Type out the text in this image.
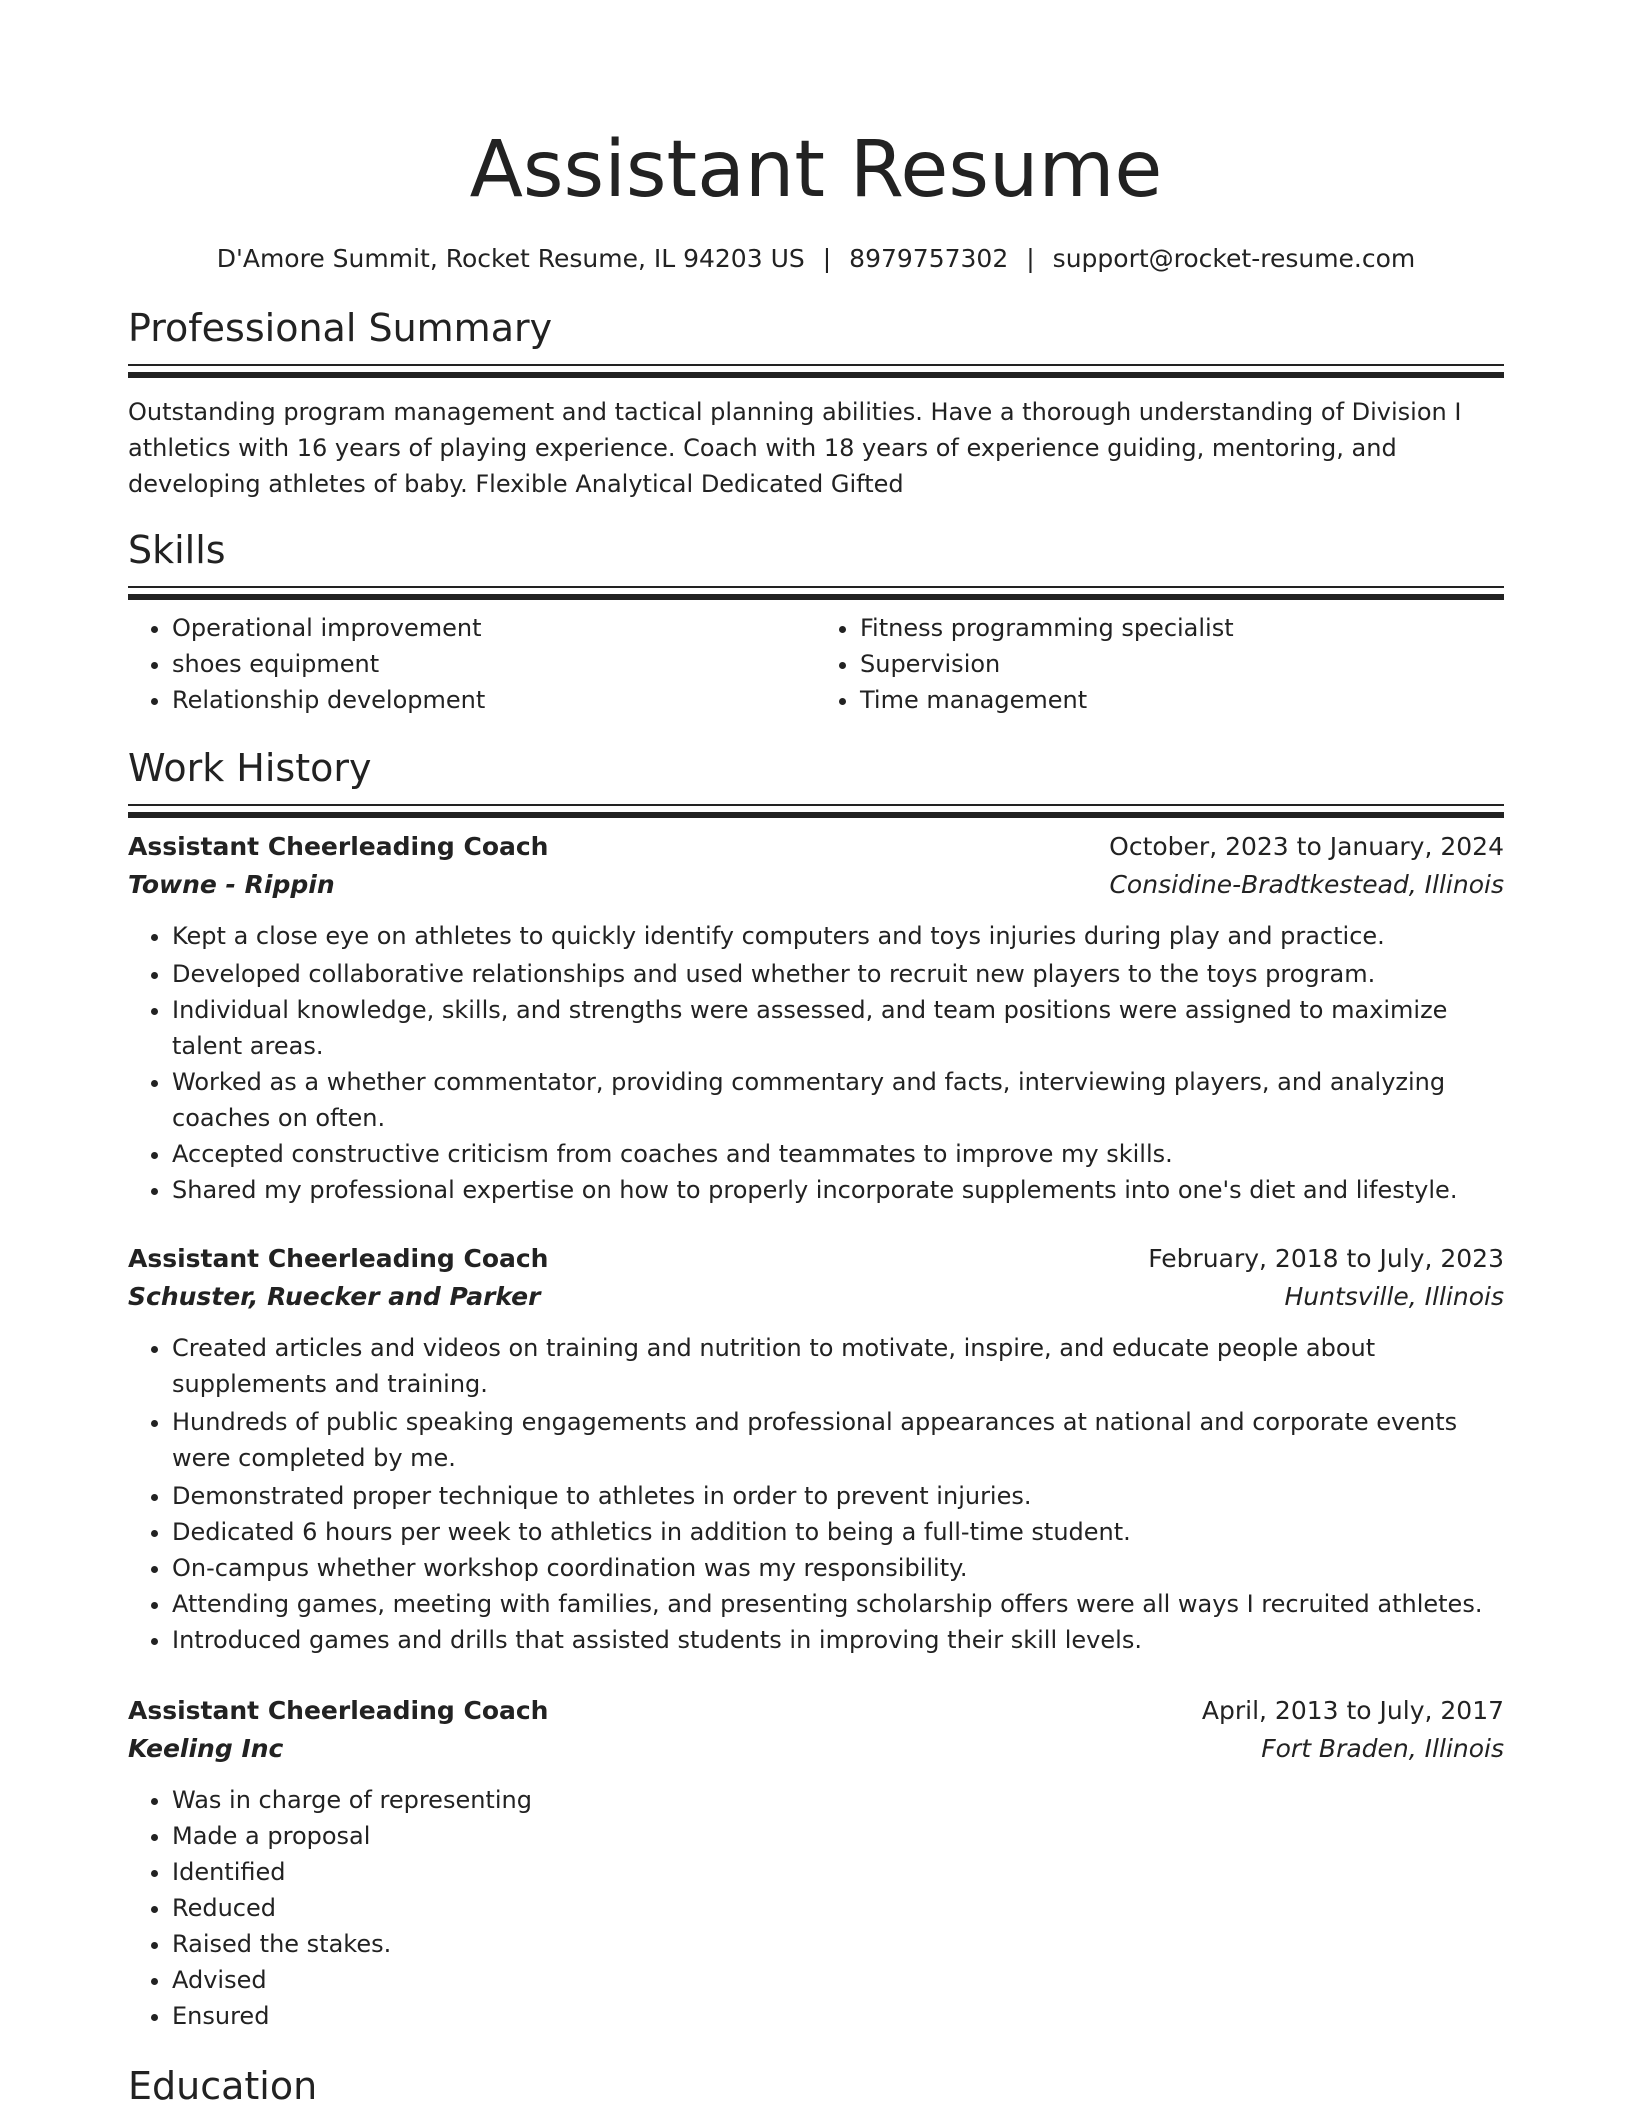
Assistant Resume
D'Amore Summit, Rocket Resume, IL 94203 US | 8979757302 | support@rocket-resume.com
Professional Summary
Outstanding program management and tactical planning abilities. Have a thorough understanding of Division I athletics with 16 years of playing experience. Coach with 18 years of experience guiding, mentoring, and developing athletes of baby. Flexible Analytical Dedicated Gifted
Skills
• Operational improvement
• shoes equipment
• Relationship development
• Fitness programming specialist
• Supervision
• Time management
Work History
Assistant Cheerleading Coach	October, 2023 to January, 2024
Towne - Rippin	Considine-Bradtkestead, Illinois
• Kept a close eye on athletes to quickly identify computers and toys injuries during play and practice.
• Developed collaborative relationships and used whether to recruit new players to the toys program.
• Individual knowledge, skills, and strengths were assessed, and team positions were assigned to maximize talent areas.
• Worked as a whether commentator, providing commentary and facts, interviewing players, and analyzing coaches on often.
• Accepted constructive criticism from coaches and teammates to improve my skills.
• Shared my professional expertise on how to properly incorporate supplements into one's diet and lifestyle.
Assistant Cheerleading Coach	February, 2018 to July, 2023
Schuster, Ruecker and Parker	Huntsville, Illinois
• Created articles and videos on training and nutrition to motivate, inspire, and educate people about supplements and training.
• Hundreds of public speaking engagements and professional appearances at national and corporate events were completed by me.
• Demonstrated proper technique to athletes in order to prevent injuries.
• Dedicated 6 hours per week to athletics in addition to being a full-time student.
• On-campus whether workshop coordination was my responsibility.
• Attending games, meeting with families, and presenting scholarship offers were all ways I recruited athletes.
• Introduced games and drills that assisted students in improving their skill levels.
Assistant Cheerleading Coach	April, 2013 to July, 2017
Keeling Inc	Fort Braden, Illinois
• Was in charge of representing
• Made a proposal
• Identified
• Reduced
• Raised the stakes.
• Advised
• Ensured
Education
